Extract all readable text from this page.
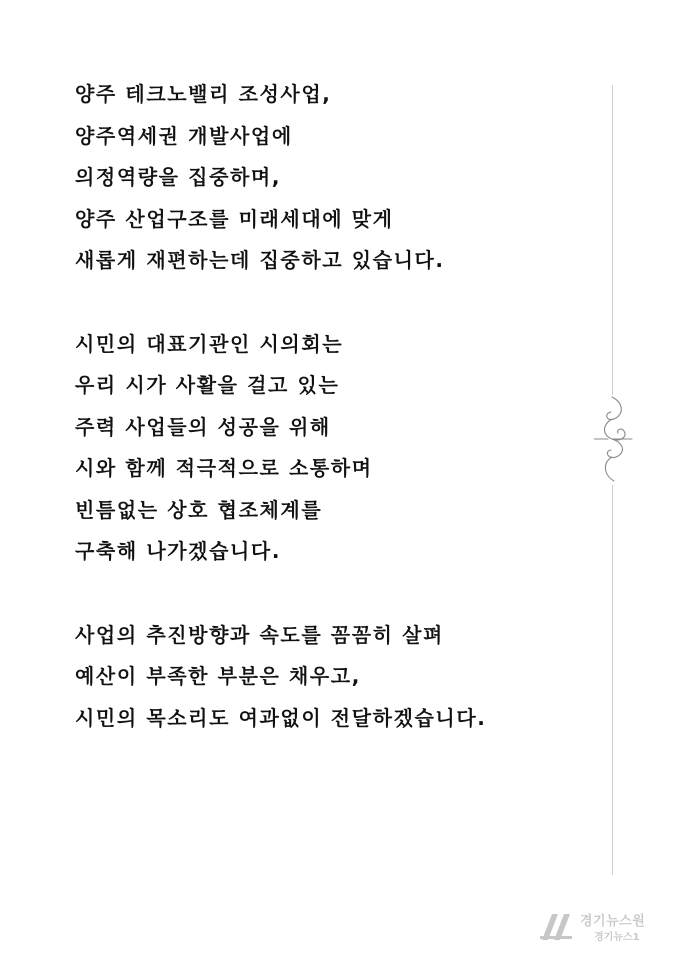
양주 테크노밸리 조성사업,
양주역세권 개발사업에
의정역량을 집중하며,
양주 산업구조를 미래세대에 맞게
새롭게 재편하는데 집중하고 있습니다.
시민의 대표기관인 시의회는
우리 시가 사활을 걸고 있는
주력 사업들의 성공을 위해
시와 함께 적극적으로 소통하며
빈틈없는 상호 협조체계를
구축해 나가겠습니다.
사업의 추진방향과 속도를 꼼꼼히 살펴
예산이 부족한 부분은 채우고,
시민의 목소리도 여과없이 전달하겠습니다.
경기뉴스원
경기뉴스1
